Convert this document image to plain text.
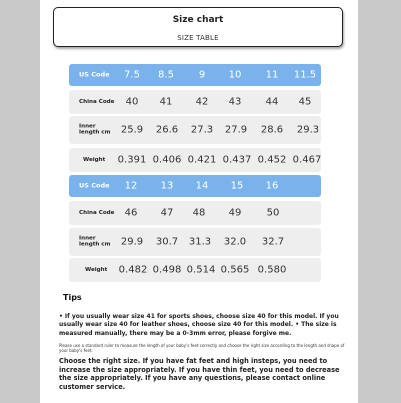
Size chart
SIZE TABLE
US Code 7.5 8.5 9 10 11 11.5
China Code 40 41 42 43 44 45
Inner length cm 25.9 26.6 27.3 27.9 28.6 29.3
Weight 0.391 0.406 0.421 0.437 0.452 0.467
US Code 12 13 14 15 16
China Code 46 47 48 49	50
Inner length cm 29.9 30.7 31.3 32.0 32.7
Weight 0.482 0.498 0.514 0.565 0.580
Tips
• If you usually wear size 41 for sports shoes, choose size 40 for this model. If you usually wear size 40 for leather shoes, choose size 40 for this model. • The size is measured manually, there may be a 0-3mm error, please forgive me.
Please use a standard ruler to measure the length of your baby's feet correctly and choose the right size according to the length and shape of your baby's feet.
Choose the right size. If you have fat feet and high insteps, you need to increase the size appropriately. If you have thin feet, you need to decrease the size appropriately. If you have any questions, please contact online customer service.
